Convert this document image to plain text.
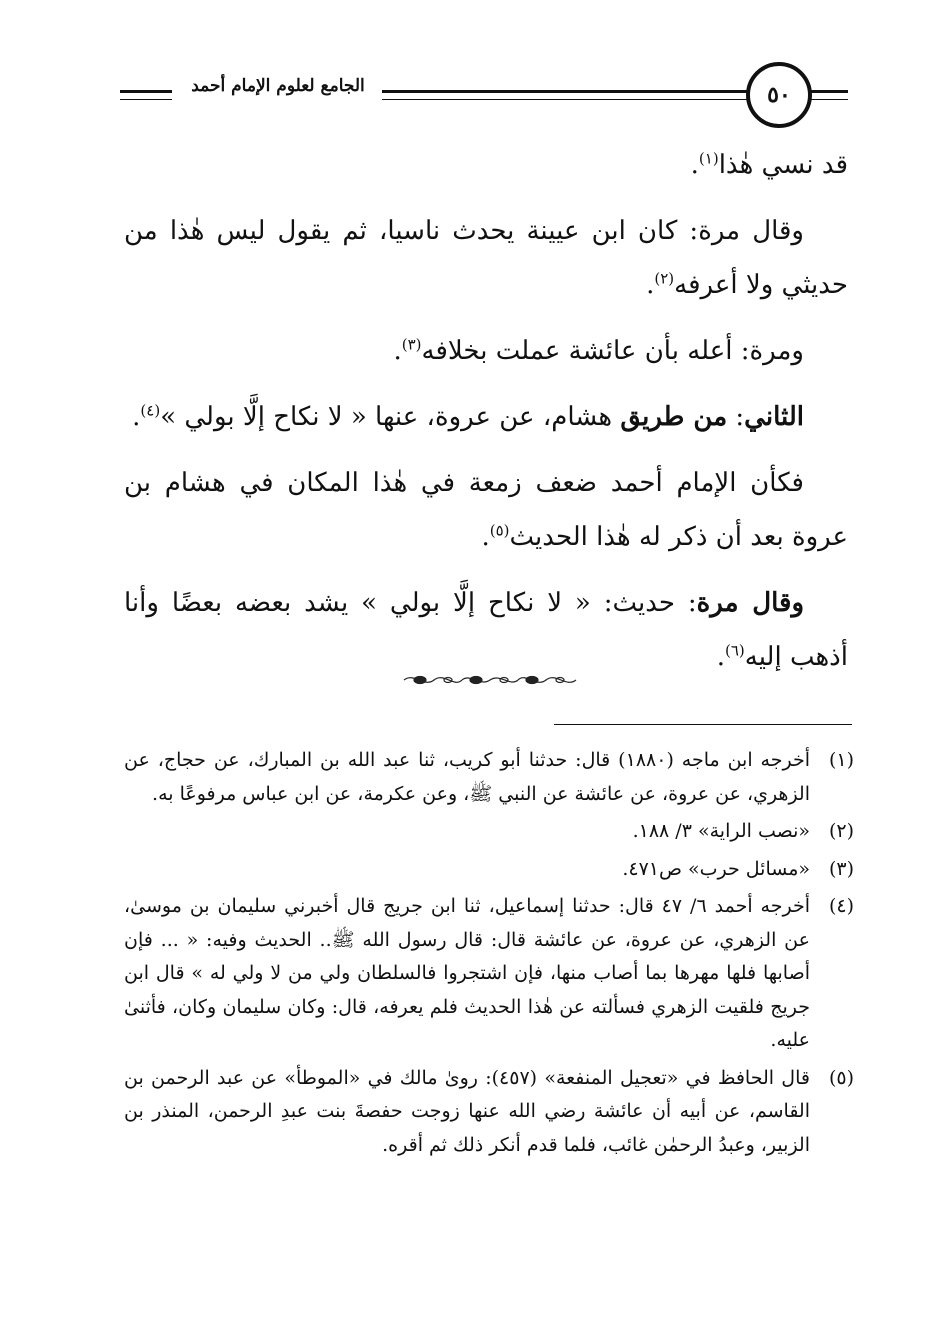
الجامع لعلوم الإمام أحمد	٥٠

قد نسي هٰذا$^{(١)}$.

وقال مرة: كان ابن عيينة يحدث ناسيا، ثم يقول ليس هٰذا من حديثي ولا أعرفه$^{(٢)}$.

ومرة: أعله بأن عائشة عملت بخلافه$^{(٣)}$.

الثاني: من طريق هشام، عن عروة، عنها « لا نكاح إلَّا بولي »$^{(٤)}$.

فكأن الإمام أحمد ضعف زمعة في هٰذا المكان في هشام بن عروة بعد أن ذكر له هٰذا الحديث$^{(٥)}$.

وقال مرة: حديث: « لا نكاح إلَّا بولي » يشد بعضه بعضًا وأنا أذهب إليه$^{(٦)}$.

(١)
أخرجه ابن ماجه (١٨٨٠) قال: حدثنا أبو كريب، ثنا عبد الله بن المبارك، عن حجاج، عن الزهري، عن عروة، عن عائشة عن النبي ﷺ، وعن عكرمة، عن ابن عباس مرفوعًا به.
(٢)
«نصب الراية» ٣/ ١٨٨.
(٣)
«مسائل حرب» ص٤٧١.
(٤)
أخرجه أحمد ٦/ ٤٧ قال: حدثنا إسماعيل، ثنا ابن جريج قال أخبرني سليمان بن موسىٰ، عن الزهري، عن عروة، عن عائشة قال: قال رسول الله ﷺ.. الحديث وفيه: « ... فإن أصابها فلها مهرها بما أصاب منها، فإن اشتجروا فالسلطان ولي من لا ولي له » قال ابن جريج فلقيت الزهري فسألته عن هٰذا الحديث فلم يعرفه، قال: وكان سليمان وكان، فأثنىٰ عليه.
(٥)
قال الحافظ في «تعجيل المنفعة» (٤٥٧): روىٰ مالك في «الموطأ» عن عبد الرحمن بن القاسم، عن أبيه أن عائشة رضي الله عنها زوجت حفصةَ بنت عبدِ الرحمن، المنذر بن الزبير، وعبدُ الرحمٰن غائب، فلما قدم أنكر ذلك ثم أقره.
